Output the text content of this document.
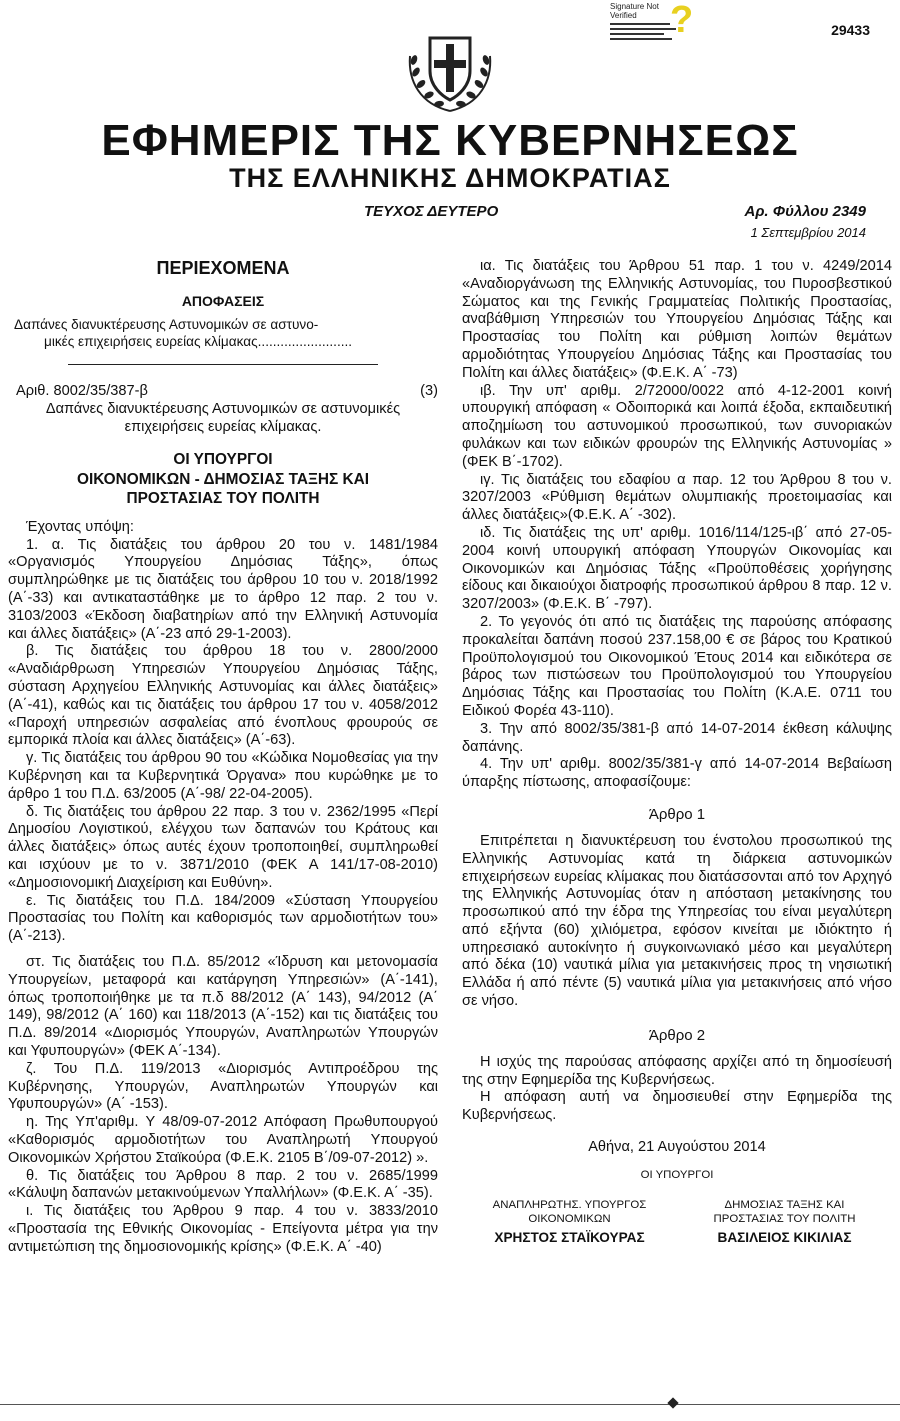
Signature Not Verified ?	29433
ΕΦΗΜΕΡΙΣ ΤΗΣ ΚΥΒΕΡΝΗΣΕΩΣ
ΤΗΣ ΕΛΛΗΝΙΚΗΣ ΔΗΜΟΚΡΑΤΙΑΣ
ΤΕΥΧΟΣ ΔΕΥΤΕΡΟ	Αρ. Φύλλου 2349
1 Σεπτεμβρίου 2014
ΠΕΡΙΕΧΟΜΕΝΑ
ΑΠΟΦΑΣΕΙΣ
Δαπάνες διανυκτέρευσης Αστυνομικών σε αστυνο-
μικές επιχειρήσεις ευρείας κλίμακας.........................
Αριθ. 8002/35/387-β	(3)

Δαπάνες διανυκτέρευσης Αστυνομικών σε αστυνομικές επιχειρήσεις ευρείας κλίμακας.

ΟΙ ΥΠΟΥΡΓΟΙ
ΟΙΚΟΝΟΜΙΚΩΝ - ΔΗΜΟΣΙΑΣ ΤΑΞΗΣ ΚΑΙ
ΠΡΟΣΤΑΣΙΑΣ ΤΟΥ ΠΟΛΙΤΗ

Έχοντας υπόψη:

1. α. Τις διατάξεις του άρθρου 20 του ν. 1481/1984 «Οργανισμός Υπουργείου Δημόσιας Τάξης», όπως συμπληρώθηκε με τις διατάξεις του άρθρου 10 του ν. 2018/1992 (Α΄-33) και αντικαταστάθηκε με το άρθρο 12 παρ. 2 του ν. 3103/2003 «Έκδοση διαβατηρίων από την Ελληνική Αστυνομία και άλλες διατάξεις» (Α΄-23 από 29-1-2003).

β. Τις διατάξεις του άρθρου 18 του ν. 2800/2000 «Αναδιάρθρωση Υπηρεσιών Υπουργείου Δημόσιας Τάξης, σύσταση Αρχηγείου Ελληνικής Αστυνομίας και άλλες διατάξεις» (Α΄-41), καθώς και τις διατάξεις του άρθρου 17 του ν. 4058/2012 «Παροχή υπηρεσιών ασφαλείας από ένοπλους φρουρούς σε εμπορικά πλοία και άλλες διατάξεις» (Α΄-63).

γ. Τις διατάξεις του άρθρου 90 του «Κώδικα Νομοθεσίας για την Κυβέρνηση και τα Κυβερνητικά Όργανα» που κυρώθηκε με το άρθρο 1 του Π.Δ. 63/2005 (Α΄-98/ 22-04-2005).

δ. Τις διατάξεις του άρθρου 22 παρ. 3 του ν. 2362/1995 «Περί Δημοσίου Λογιστικού, ελέγχου των δαπανών του Κράτους και άλλες διατάξεις» όπως αυτές έχουν τροποποιηθεί, συμπληρωθεί και ισχύουν με το ν. 3871/2010 (ΦΕΚ Α 141/17-08-2010) «Δημοσιονομική Διαχείριση και Ευθύνη».

ε. Τις διατάξεις του Π.Δ. 184/2009 «Σύσταση Υπουργείου Προστασίας του Πολίτη και καθορισμός των αρμοδιοτήτων του» (Α΄-213).

στ. Τις διατάξεις του Π.Δ. 85/2012 «Ίδρυση και μετονομασία Υπουργείων, μεταφορά και κατάργηση Υπηρεσιών» (Α΄-141), όπως τροποποιήθηκε με τα π.δ 88/2012 (Α΄ 143), 94/2012 (Α΄ 149), 98/2012 (Α΄ 160) και 118/2013 (Α΄-152) και τις διατάξεις του Π.Δ. 89/2014 «Διορισμός Υπουργών, Αναπληρωτών Υπουργών και Υφυπουργών» (ΦΕΚ Α΄-134).

ζ. Του Π.Δ. 119/2013 «Διορισμός Αντιπροέδρου της Κυβέρνησης, Υπουργών, Αναπληρωτών Υπουργών και Υφυπουργών» (Α΄ -153).

η. Της Υπ'αριθμ. Υ 48/09-07-2012 Απόφαση Πρωθυπουργού «Καθορισμός αρμοδιοτήτων του Αναπληρωτή Υπουργού Οικονομικών Χρήστου Σταϊκούρα (Φ.Ε.Κ. 2105 Β΄/09-07-2012) ».

θ. Τις διατάξεις του Άρθρου 8 παρ. 2 του ν. 2685/1999 «Κάλυψη δαπανών μετακινούμενων Υπαλλήλων» (Φ.Ε.Κ. Α΄ -35).

ι. Τις διατάξεις του Άρθρου 9 παρ. 4 του ν. 3833/2010 «Προστασία της Εθνικής Οικονομίας - Επείγοντα μέτρα για την αντιμετώπιση της δημοσιονομικής κρίσης» (Φ.Ε.Κ. Α΄ -40)

ια. Τις διατάξεις του Άρθρου 51 παρ. 1 του ν. 4249/2014 «Αναδιοργάνωση της Ελληνικής Αστυνομίας, του Πυροσβεστικού Σώματος και της Γενικής Γραμματείας Πολιτικής Προστασίας, αναβάθμιση Υπηρεσιών του Υπουργείου Δημόσιας Τάξης και Προστασίας του Πολίτη και ρύθμιση λοιπών θεμάτων αρμοδιότητας Υπουργείου Δημόσιας Τάξης και Προστασίας του Πολίτη και άλλες διατάξεις» (Φ.Ε.Κ. Α΄ -73)

ιβ. Την υπ' αριθμ. 2/72000/0022 από 4-12-2001 κοινή υπουργική απόφαση « Οδοιπορικά και λοιπά έξοδα, εκπαιδευτική αποζημίωση του αστυνομικού προσωπικού, των συνοριακών φυλάκων και των ειδικών φρουρών της Ελληνικής Αστυνομίας » (ΦΕΚ Β΄-1702).

ιγ. Τις διατάξεις του εδαφίου α παρ. 12 του Άρθρου 8 του ν. 3207/2003 «Ρύθμιση θεμάτων ολυμπιακής προετοιμασίας και άλλες διατάξεις»(Φ.Ε.Κ. Α΄ -302).

ιδ. Τις διατάξεις της υπ' αριθμ. 1016/114/125-ιβ΄ από 27-05-2004 κοινή υπουργική απόφαση Υπουργών Οικονομίας και Οικονομικών και Δημόσιας Τάξης «Προϋποθέσεις χορήγησης είδους και δικαιούχοι διατροφής προσωπικού άρθρου 8 παρ. 12 ν. 3207/2003» (Φ.Ε.Κ. Β΄ -797).

2. Το γεγονός ότι από τις διατάξεις της παρούσης απόφασης προκαλείται δαπάνη ποσού 237.158,00 € σε βάρος του Κρατικού Προϋπολογισμού του Οικονομικού Έτους 2014 και ειδικότερα σε βάρος των πιστώσεων του Προϋπολογισμού του Υπουργείου Δημόσιας Τάξης και Προστασίας του Πολίτη (Κ.Α.Ε. 0711 του Ειδικού Φορέα 43-110).

3. Την από 8002/35/381-β από 14-07-2014 έκθεση κάλυψης δαπάνης.

4. Την υπ' αριθμ. 8002/35/381-γ από 14-07-2014 Βεβαίωση ύπαρξης πίστωσης, αποφασίζουμε:

Άρθρο 1

Επιτρέπεται η διανυκτέρευση του ένστολου προσωπικού της Ελληνικής Αστυνομίας κατά τη διάρκεια αστυνομικών επιχειρήσεων ευρείας κλίμακας που διατάσσονται από τον Αρχηγό της Ελληνικής Αστυνομίας όταν η απόσταση μετακίνησης του προσωπικού από την έδρα της Υπηρεσίας του είναι μεγαλύτερη από εξήντα (60) χιλιόμετρα, εφόσον κινείται με ιδιόκτητο ή υπηρεσιακό αυτοκίνητο ή συγκοινωνιακό μέσο και μεγαλύτερη από δέκα (10) ναυτικά μίλια για μετακινήσεις προς τη νησιωτική Ελλάδα ή από πέντε (5) ναυτικά μίλια για μετακινήσεις από νήσο σε νήσο.

Άρθρο 2

Η ισχύς της παρούσας απόφασης αρχίζει από τη δημοσίευσή της στην Εφημερίδα της Κυβερνήσεως.

Η απόφαση αυτή να δημοσιευθεί στην Εφημερίδα της Κυβερνήσεως.

Αθήνα, 21 Αυγούστου 2014
ΟΙ ΥΠΟΥΡΓΟΙ
ΑΝΑΠΛΗΡΩΤΗΣ. ΥΠΟΥΡΓΟΣ
ΟΙΚΟΝΟΜΙΚΩΝ
ΧΡΗΣΤΟΣ ΣΤΑΪΚΟΥΡΑΣ
ΔΗΜΟΣΙΑΣ ΤΑΞΗΣ ΚΑΙ
ΠΡΟΣΤΑΣΙΑΣ ΤΟΥ ΠΟΛΙΤΗ
ΒΑΣΙΛΕΙΟΣ ΚΙΚΙΛΙΑΣ
